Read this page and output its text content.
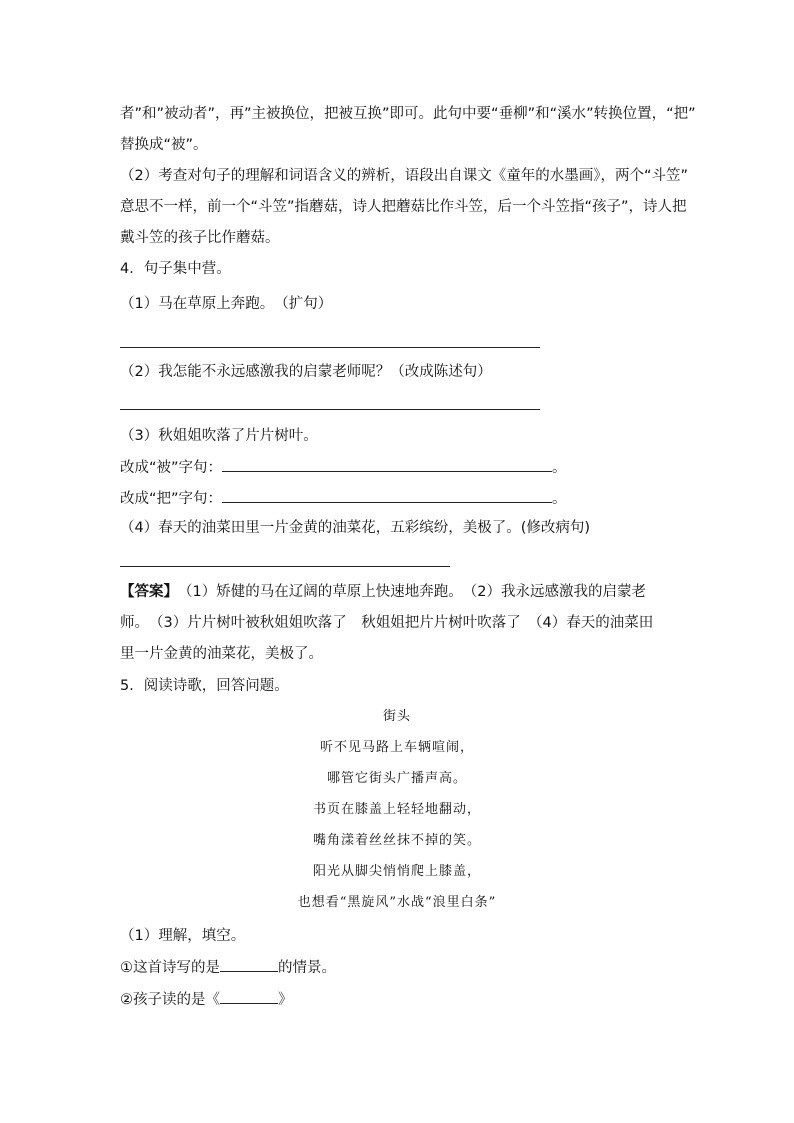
者”和”被动者”，再”主被换位，把被互换”即可。此句中要“垂柳”和“溪水”转换位置，“把”
替换成“被”。
（2）考查对句子的理解和词语含义的辨析，语段出自课文《童年的水墨画》，两个“斗笠”
意思不一样，前一个“斗笠”指蘑菇，诗人把蘑菇比作斗笠，后一个斗笠指“孩子”，诗人把
戴斗笠的孩子比作蘑菇。
4．句子集中营。
（1）马在草原上奔跑。　（扩句）
（2）我怎能不永远感激我的启蒙老师呢？（改成陈述句）
（3）秋姐姐吹落了片片树叶。
改成“被”字句：	。
改成“把”字句：	。
（4）春天的油菜田里一片金黄的油菜花，五彩缤纷，美极了。(修改病句)
【答案】　（1）矫健的马在辽阔的草原上快速地奔跑。　（2）我永远感激我的启蒙老
师。　（3）片片树叶被秋姐姐吹落了　秋姐姐把片片树叶吹落了　（4）春天的油菜田
里一片金黄的油菜花，美极了。
5．阅读诗歌，回答问题。
街头
听不见马路上车辆喧闹，
哪管它街头广播声高。
书页在膝盖上轻轻地翻动，
嘴角漾着丝丝抹不掉的笑。
阳光从脚尖悄悄爬上膝盖，
也想看“黑旋风”水战“浪里白条”
（1）理解，填空。
①这首诗写的是	的情景。
②孩子读的是《	》
